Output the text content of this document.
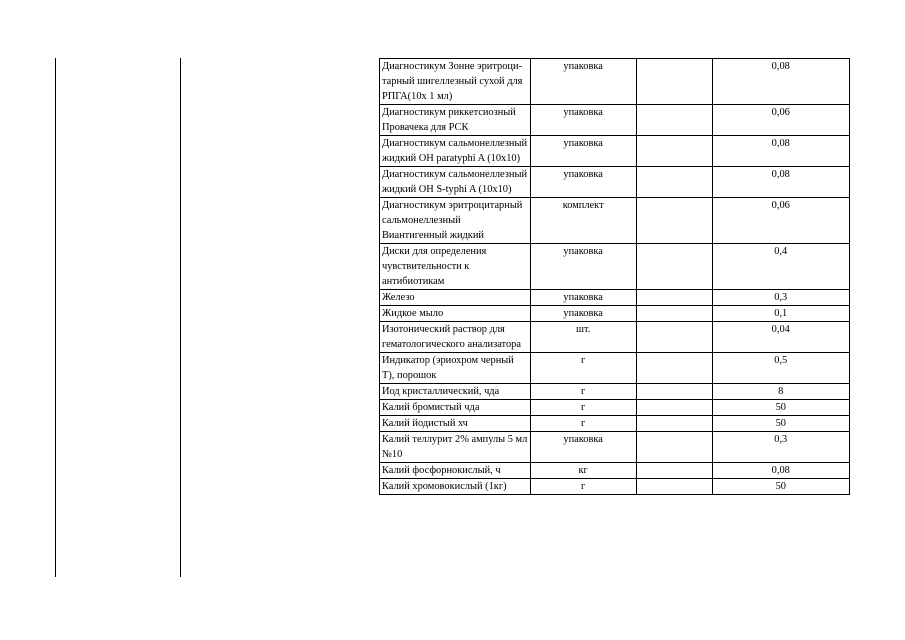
Диагностикум Зонне эритроци-тарный шигеллезный сухой для РПГА(10х 1 мл)	упаковка		0,08
Диагностикум риккетсиозный Провачека для РСК	упаковка		0,06
Диагностикум сальмонеллезный жидкий ОН paratyphi A (10х10)	упаковка		0,08
Диагностикум сальмонеллезный жидкий ОН S-typhi A (10х10)	упаковка		0,08
Диагностикум эритроцитарный сальмонеллезный Виантигенный жидкий	комплект		0,06
Диски для определения чувствительности к антибиотикам	упаковка		0,4
Железо	упаковка		0,3
Жидкое мыло	упаковка		0,1
Изотонический раствор для гематологического анализатора	шт.		0,04
Индикатор (эриохром черный Т), порошок	г		0,5
Иод кристаллический, чда	г		8
Калий бромистый чда	г		50
Калий йодистый хч	г		50
Калий теллурит 2% ампулы 5 мл №10	упаковка		0,3
Калий фосфорнокислый, ч	кг		0,08
Калий хромовокислый (1кг)	г		50
